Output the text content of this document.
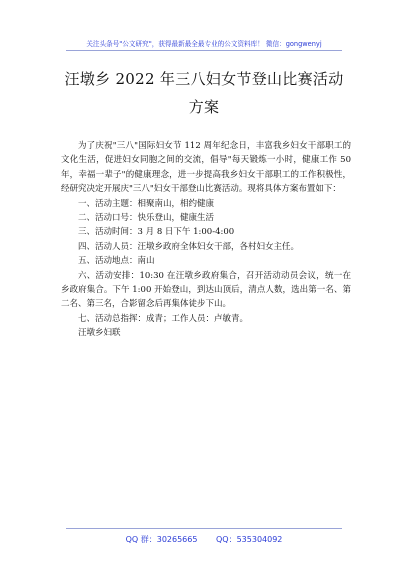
关注头条号"公文研究"，获得最新最全最专业的公文资料库！ 微信：gongwenyj
汪墩乡 2022 年三八妇女节登山比赛活动
方案

为了庆祝"三八"国际妇女节 112 周年纪念日，丰富我乡妇女干部职工的文化生活，促进妇女同胞之间的交流，倡导"每天锻炼一小时，健康工作 50 年，幸福一辈子"的健康理念，进一步提高我乡妇女干部职工的工作积极性，经研究决定开展庆"三八"妇女干部登山比赛活动。现将具体方案布置如下：

一、活动主题：相聚南山，相约健康

二、活动口号：快乐登山，健康生活

三、活动时间：3 月 8 日下午 1:00-4:00

四、活动人员：汪墩乡政府全体妇女干部，各村妇女主任。

五、活动地点：南山

六、活动安排：10:30 在汪墩乡政府集合，召开活动动员会议，统一在乡政府集合。下午 1:00 开始登山，到达山顶后，清点人数，选出第一名、第二名、第三名，合影留念后再集体徒步下山。

七、活动总指挥：成青；工作人员：卢敏青。

汪墩乡妇联

QQ 群：30265665 QQ：535304092
